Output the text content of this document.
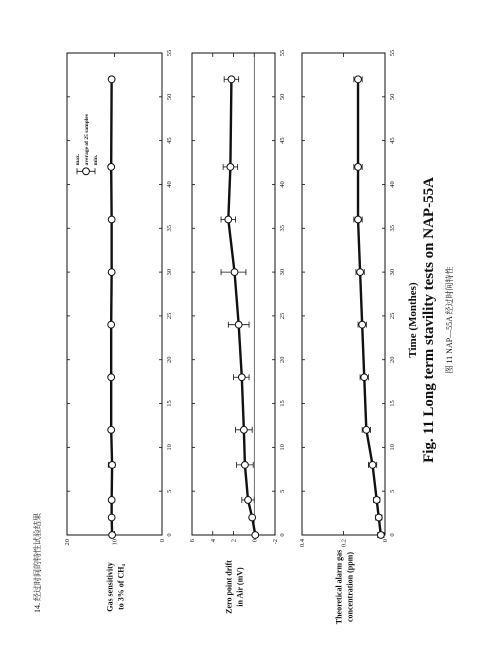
14. 经过时间的特性试验结果	0
5
10
15
20
25
30
35
40
45
50
55
0
10
20
Gas sensitivity to 3% of CH₄
max. average of 25 samples min.
0
5
10
15
20
25
30
35
40
45
50
55
-2
0
2
4
6
Zero point drift in Air (mV)
0
5
10
15
20
25
30
35
40
45
50
55
0
0.2
0.4
Theoretical alarm gas concentration (ppm)
Time (Monthes) Fig. 11 Long term stavility tests on NAP-55A 图 11 NAP—55A 经过时间特性
